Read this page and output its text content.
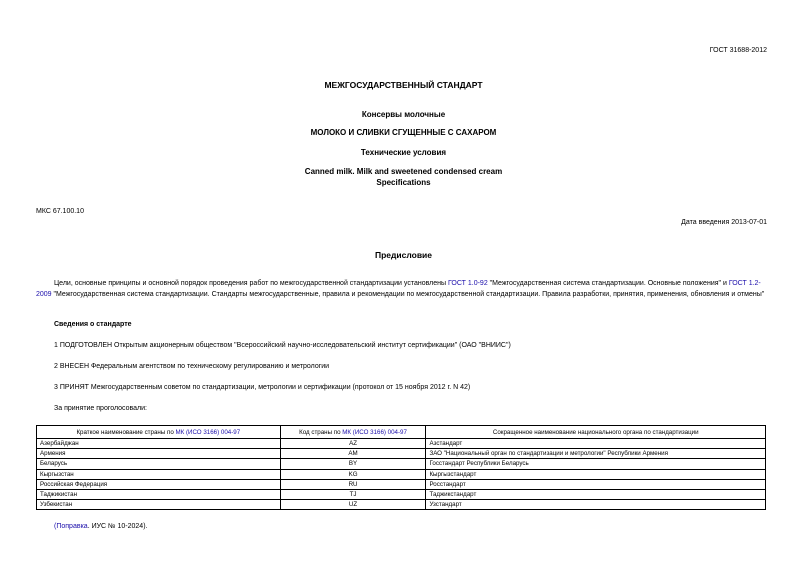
ГОСТ 31688-2012
МЕЖГОСУДАРСТВЕННЫЙ СТАНДАРТ
Консервы молочные
МОЛОКО И СЛИВКИ СГУЩЕННЫЕ С САХАРОМ
Технические условия
Canned milk. Milk and sweetened condensed cream
Specifications
МКС 67.100.10
Дата введения 2013-07-01
Предисловие

Цели, основные принципы и основной порядок проведения работ по межгосударственной стандартизации установлены ГОСТ 1.0-92 "Межгосударственная система стандартизации. Основные положения" и ГОСТ 1.2-2009 "Межгосударственная система стандартизации. Стандарты межгосударственные, правила и рекомендации по межгосударственной стандартизации. Правила разработки, принятия, применения, обновления и отмены"

Сведения о стандарте
1 ПОДГОТОВЛЕН Открытым акционерным обществом "Всероссийский научно-исследовательский институт сертификации" (ОАО "ВНИИС")
2 ВНЕСЕН Федеральным агентством по техническому регулированию и метрологии
3 ПРИНЯТ Межгосударственным советом по стандартизации, метрологии и сертификации (протокол от 15 ноября 2012 г. N 42)
За принятие проголосовали:
Краткое наименование страны по МК (ИСО 3166) 004-97	Код страны по МК (ИСО 3166) 004-97	Сокращенное наименование национального органа по стандартизации
Азербайджан	AZ	Азстандарт
Армения	AM	ЗАО "Национальный орган по стандартизации и метрологии" Республики Армения
Беларусь	BY	Госстандарт Республики Беларусь
Кыргызстан	KG	Кыргызстандарт
Российская Федерация	RU	Росстандарт
Таджикистан	TJ	Таджикстандарт
Узбекистан	UZ	Узстандарт
(Поправка. ИУС № 10-2024).
